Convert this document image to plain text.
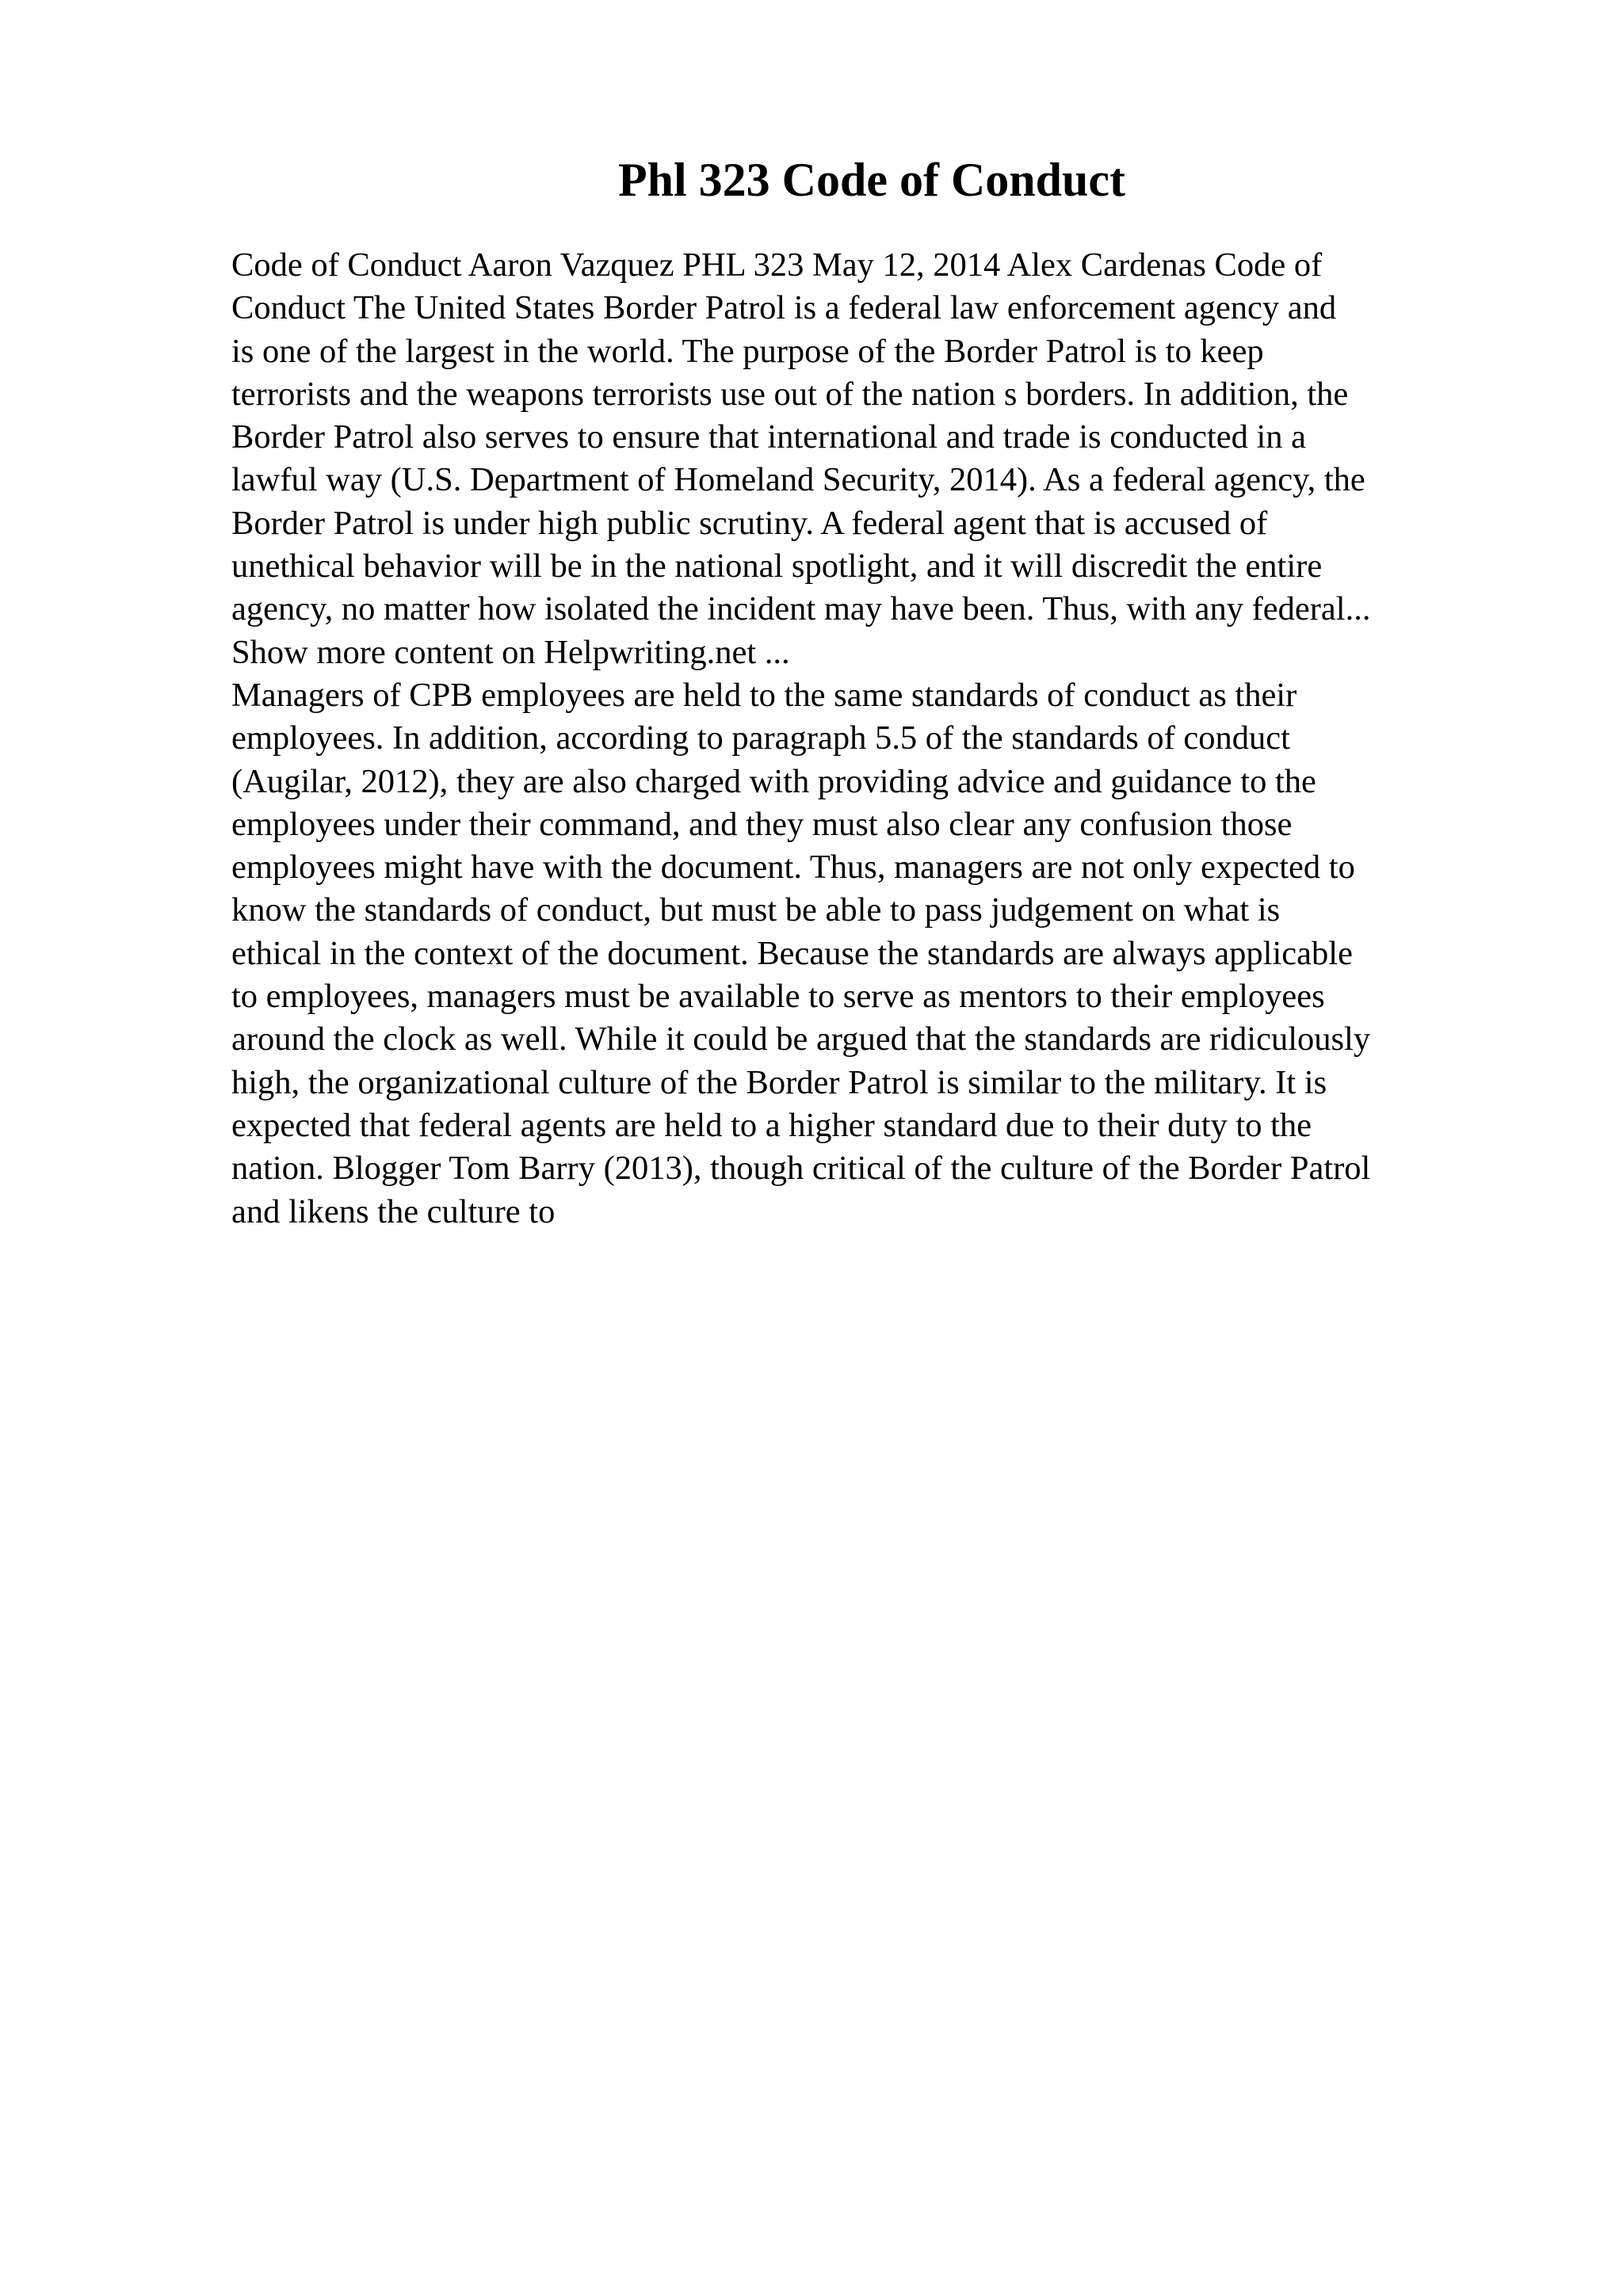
Phl 323 Code of Conduct
Code of Conduct Aaron Vazquez PHL 323 May 12, 2014 Alex Cardenas Code of
Conduct The United States Border Patrol is a federal law enforcement agency and
is one of the largest in the world. The purpose of the Border Patrol is to keep
terrorists and the weapons terrorists use out of the nation s borders. In addition, the
Border Patrol also serves to ensure that international and trade is conducted in a
lawful way (U.S. Department of Homeland Security, 2014). As a federal agency, the
Border Patrol is under high public scrutiny. A federal agent that is accused of
unethical behavior will be in the national spotlight, and it will discredit the entire
agency, no matter how isolated the incident may have been. Thus, with any federal...
Show more content on Helpwriting.net ...
Managers of CPB employees are held to the same standards of conduct as their
employees. In addition, according to paragraph 5.5 of the standards of conduct
(Augilar, 2012), they are also charged with providing advice and guidance to the
employees under their command, and they must also clear any confusion those
employees might have with the document. Thus, managers are not only expected to
know the standards of conduct, but must be able to pass judgement on what is
ethical in the context of the document. Because the standards are always applicable
to employees, managers must be available to serve as mentors to their employees
around the clock as well. While it could be argued that the standards are ridiculously
high, the organizational culture of the Border Patrol is similar to the military. It is
expected that federal agents are held to a higher standard due to their duty to the
nation. Blogger Tom Barry (2013), though critical of the culture of the Border Patrol
and likens the culture to
